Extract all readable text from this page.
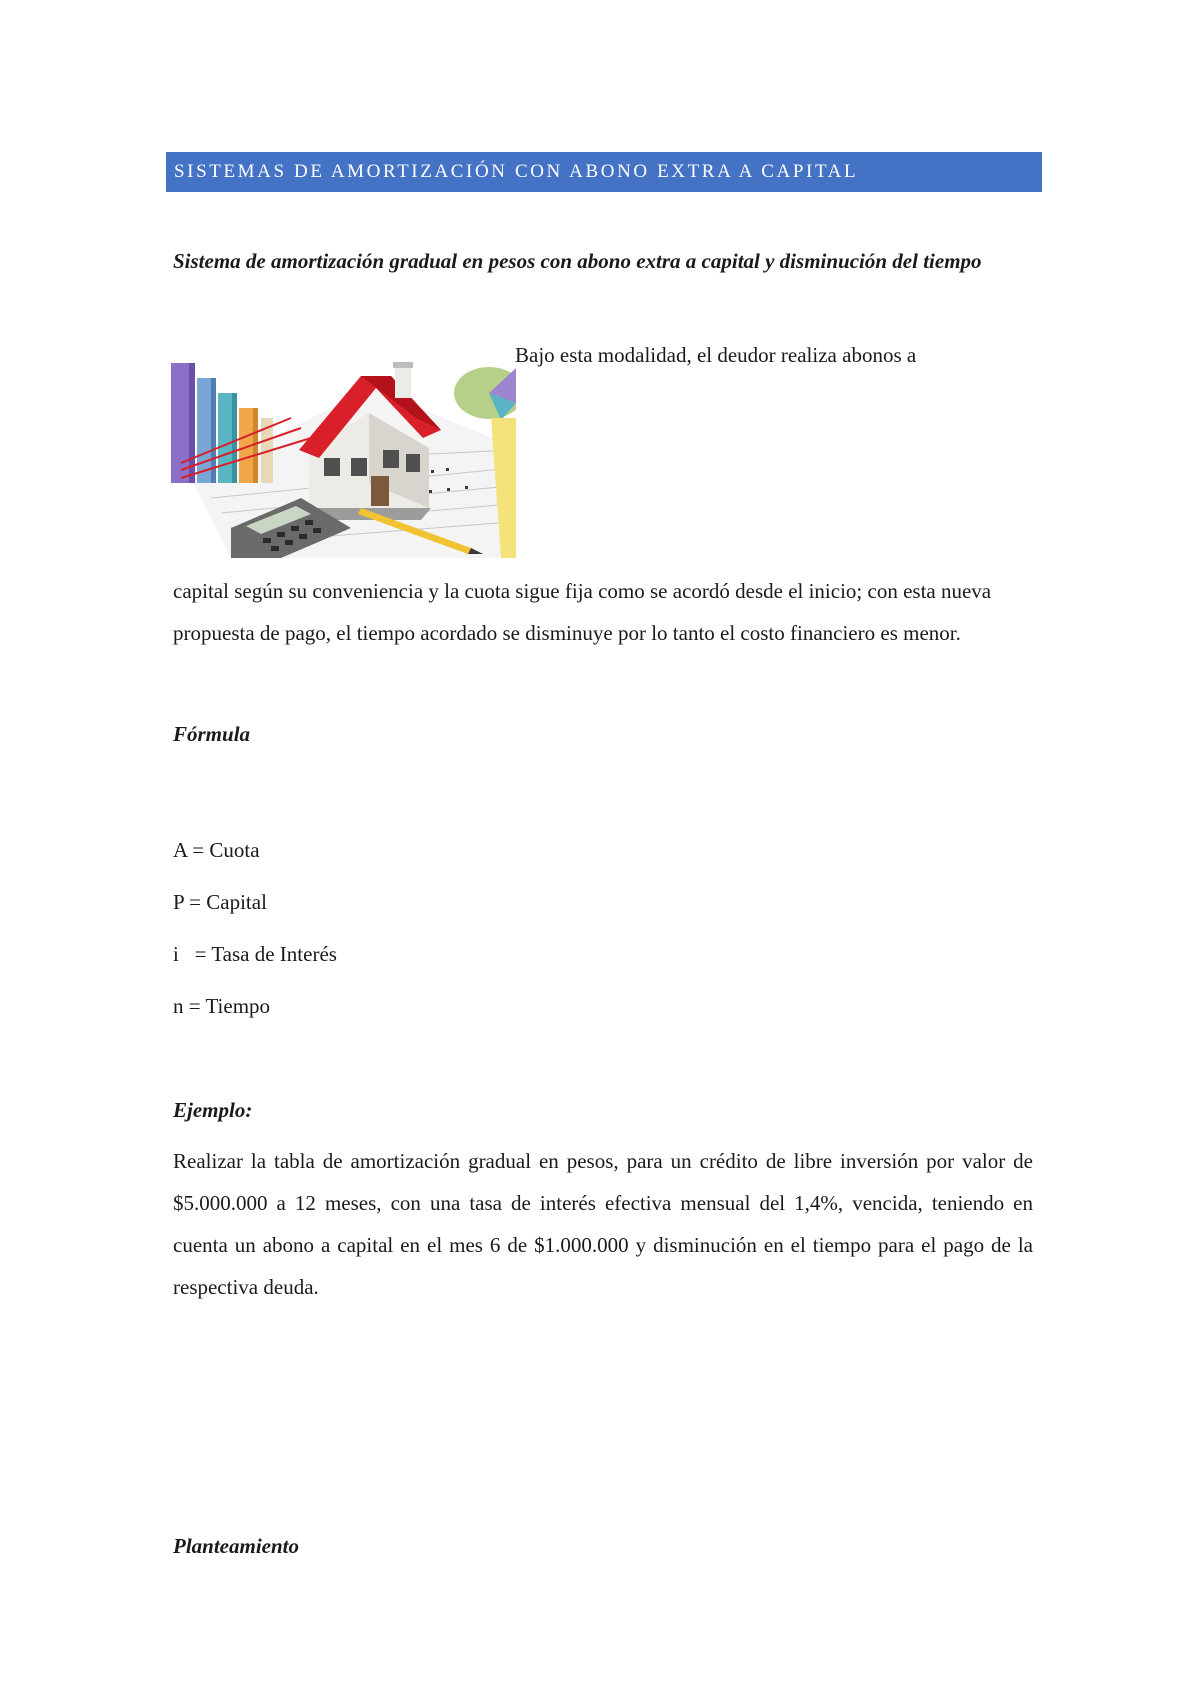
SISTEMAS DE AMORTIZACIÓN CON ABONO EXTRA A CAPITAL
Sistema de amortización gradual en pesos con abono extra a capital y disminución del tiempo
Bajo esta modalidad, el deudor realiza abonos a
capital según su conveniencia y la cuota sigue fija como se acordó desde el inicio; con esta nueva propuesta de pago, el tiempo acordado se disminuye por lo tanto el costo financiero es menor.
Fórmula
A = Cuota
P = Capital
i   = Tasa de Interés
n = Tiempo
Ejemplo:
Realizar la tabla de amortización gradual en pesos, para un crédito de libre inversión por valor de $5.000.000 a 12 meses, con una tasa de interés efectiva mensual del 1,4%, vencida, teniendo en cuenta un abono a capital en el mes 6 de $1.000.000 y disminución en el tiempo para el pago de la respectiva deuda.
Planteamiento
